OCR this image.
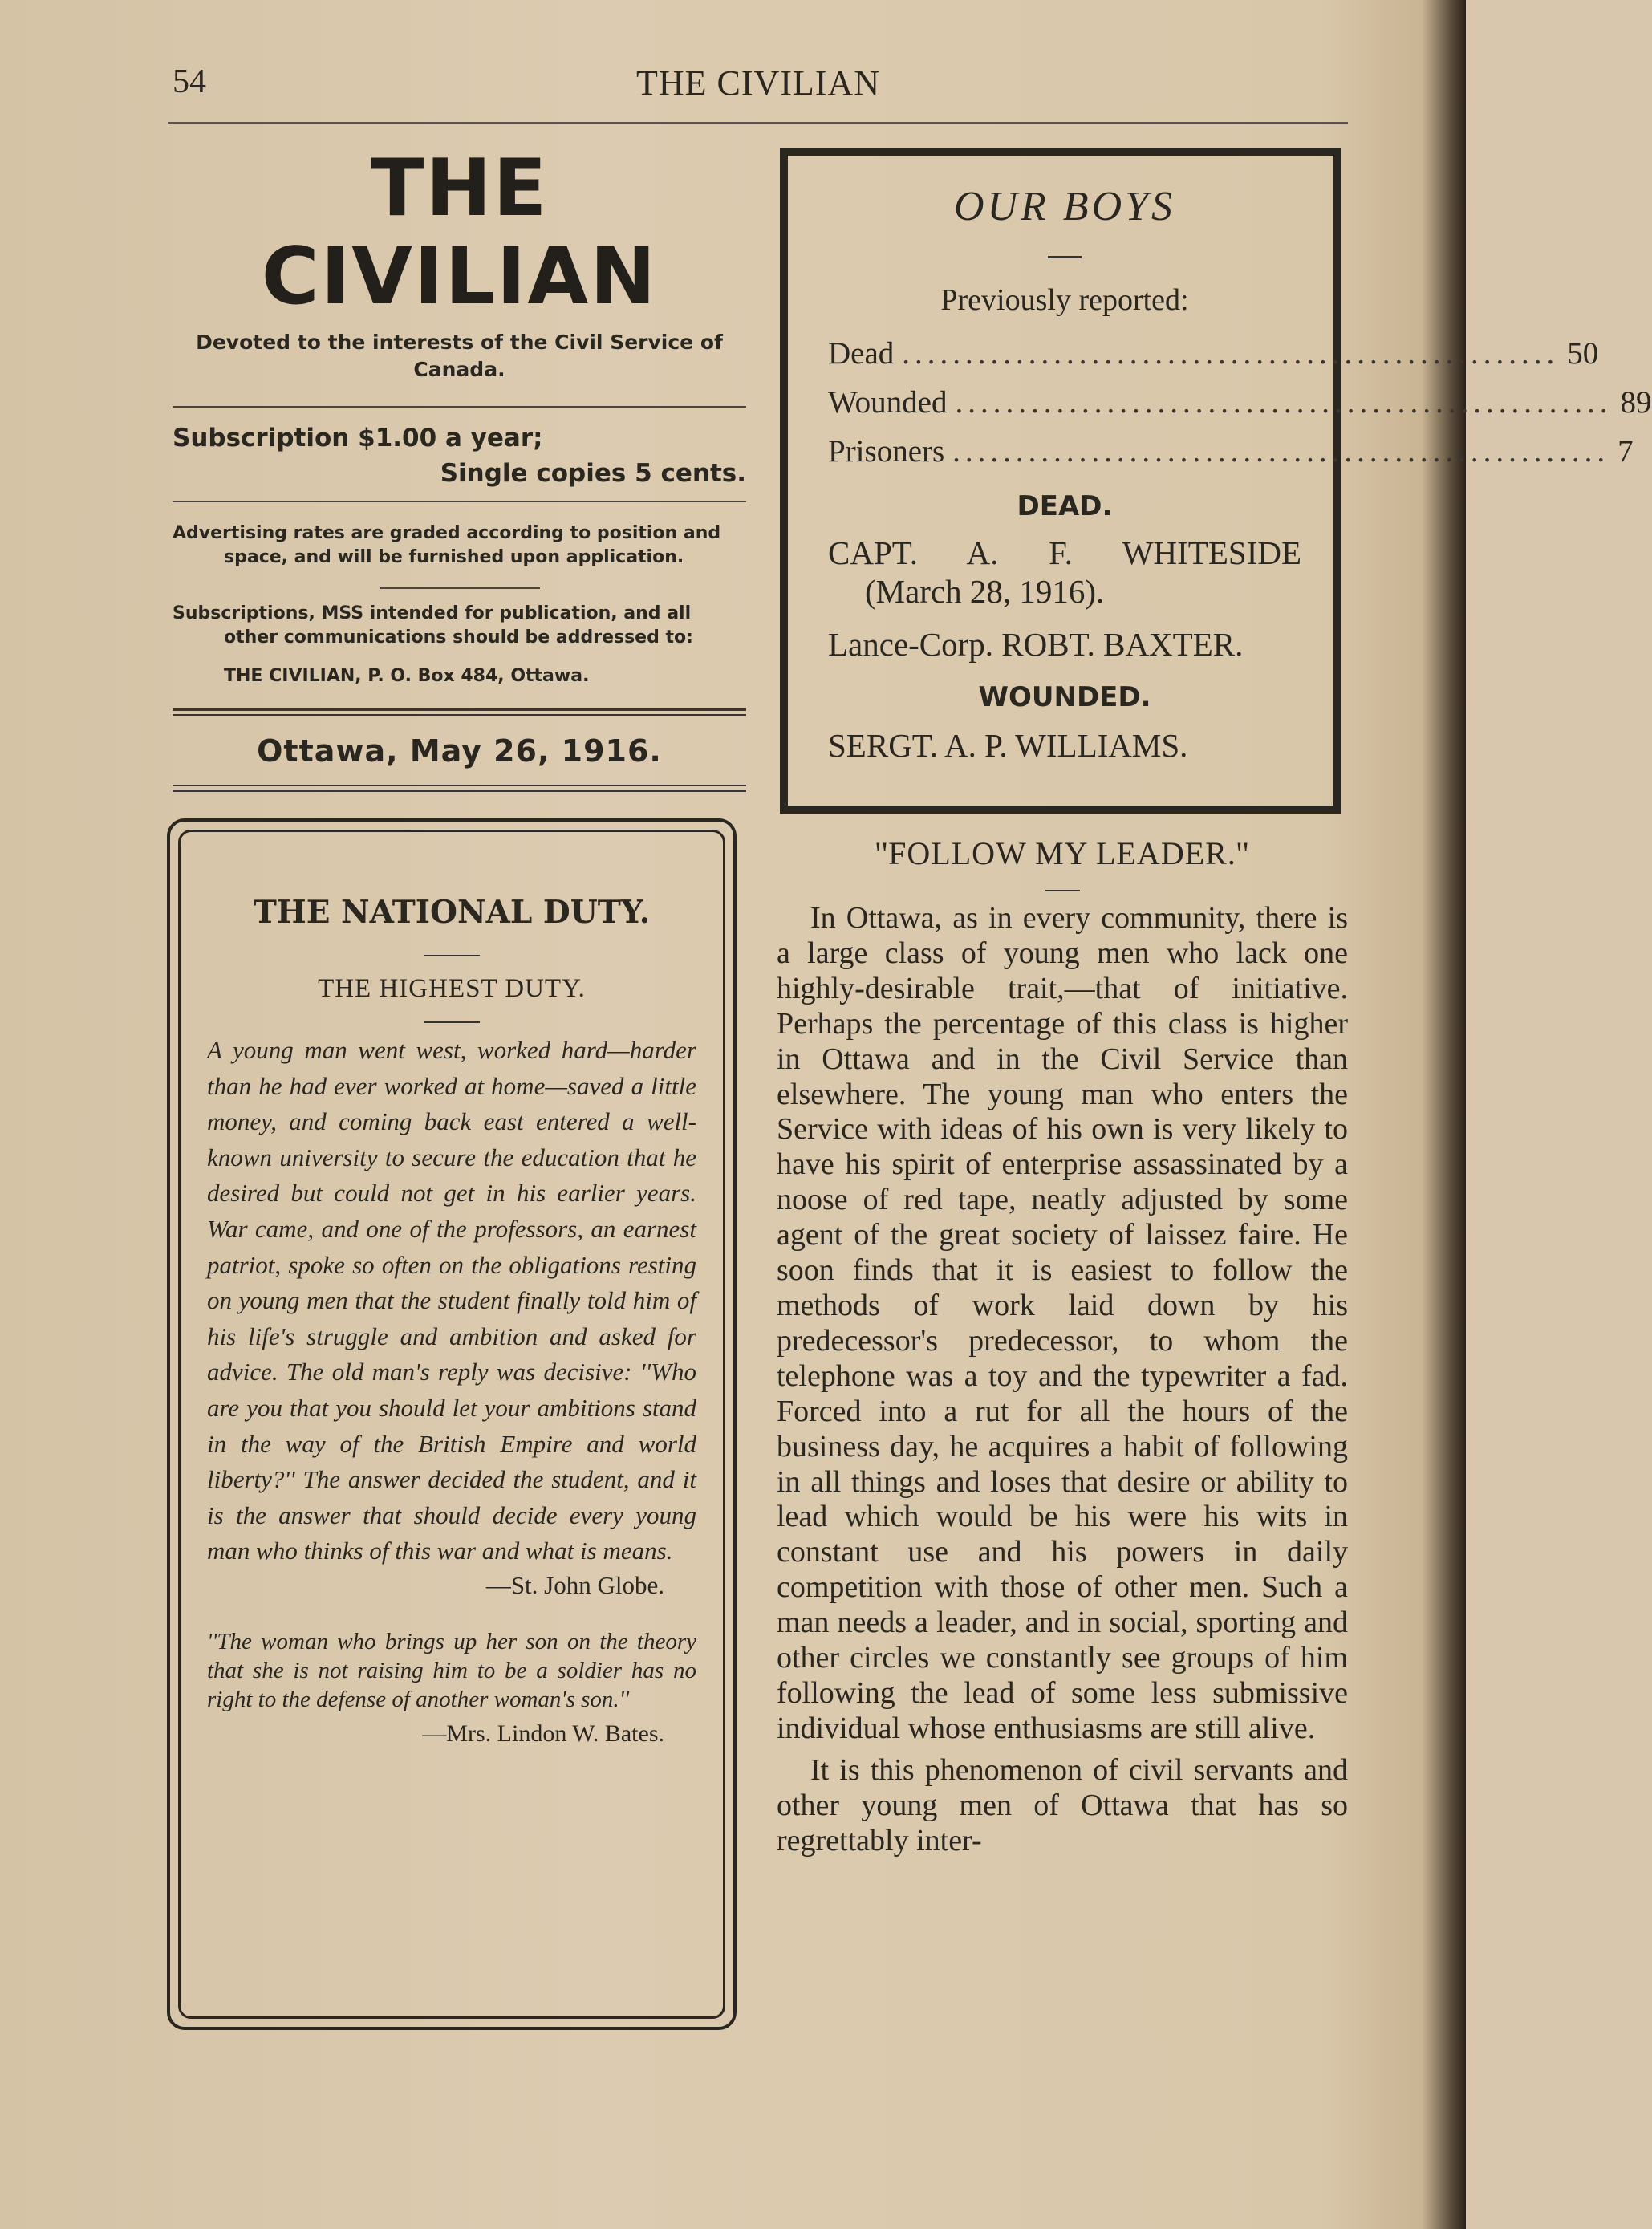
54	THE CIVILIAN
THE CIVILIAN
Devoted to the interests of the Civil Service of Canada.
Subscription $1.00 a year;
Single copies 5 cents.
Advertising rates are graded according to position and space, and will be furnished upon application.
Subscriptions, MSS intended for publication, and all other communications should be addressed to:
THE CIVILIAN, P. O. Box 484, Ottawa.
Ottawa, May 26, 1916.
OUR BOYS
Previously reported:
Dead .................................................... 50
Wounded .................................................... 89
Prisoners .................................................... 7
DEAD.
CAPT. A. F. WHITESIDE
(March 28, 1916).
Lance-Corp. ROBT. BAXTER.
WOUNDED.
SERGT. A. P. WILLIAMS.
THE NATIONAL DUTY.
THE HIGHEST DUTY.
A young man went west, worked hard—harder than he had ever worked at home—saved a little money, and coming back east entered a well-known university to secure the education that he desired but could not get in his earlier years. War came, and one of the professors, an earnest patriot, spoke so often on the obligations resting on young men that the student finally told him of his life's struggle and ambition and asked for advice. The old man's reply was decisive: ''Who are you that you should let your ambitions stand in the way of the British Empire and world liberty?'' The answer decided the student, and it is the answer that should decide every young man who thinks of this war and what is means.
—St. John Globe.
''The woman who brings up her son on the theory that she is not raising him to be a soldier has no right to the defense of another woman's son.''
—Mrs. Lindon W. Bates.
''FOLLOW MY LEADER.''

In Ottawa, as in every community, there is a large class of young men who lack one highly-desirable trait,—that of initiative. Perhaps the percentage of this class is higher in Ottawa and in the Civil Service than elsewhere. The young man who enters the Service with ideas of his own is very likely to have his spirit of enterprise assassinated by a noose of red tape, neatly adjusted by some agent of the great society of laissez faire. He soon finds that it is easiest to follow the methods of work laid down by his predecessor's predecessor, to whom the telephone was a toy and the typewriter a fad. Forced into a rut for all the hours of the business day, he acquires a habit of following in all things and loses that desire or ability to lead which would be his were his wits in constant use and his powers in daily competition with those of other men. Such a man needs a leader, and in social, sporting and other circles we constantly see groups of him following the lead of some less submissive individual whose enthusiasms are still alive.

It is this phenomenon of civil servants and other young men of Ottawa that has so regrettably inter-
